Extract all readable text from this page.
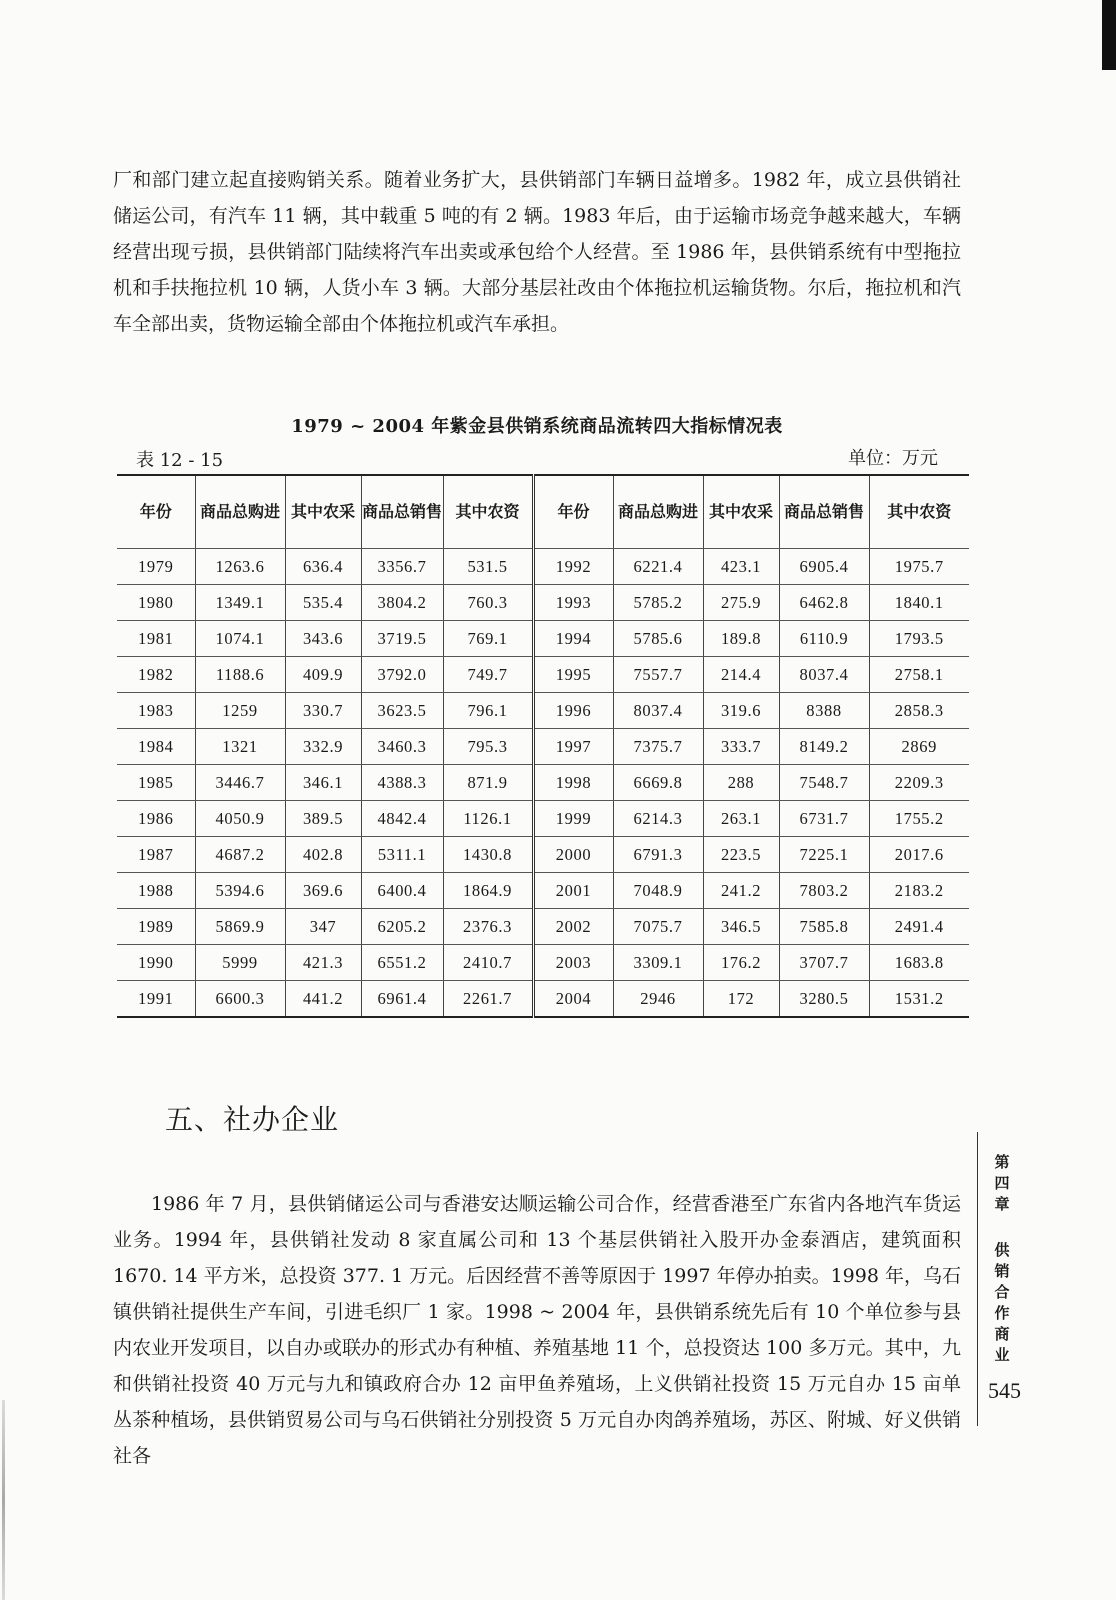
厂和部门建立起直接购销关系。随着业务扩大，县供销部门车辆日益增多。1982 年，成立县供销社储运公司，有汽车 11 辆，其中载重 5 吨的有 2 辆。1983 年后，由于运输市场竞争越来越大，车辆经营出现亏损，县供销部门陆续将汽车出卖或承包给个人经营。至 1986 年，县供销系统有中型拖拉机和手扶拖拉机 10 辆，人货小车 3 辆。大部分基层社改由个体拖拉机运输货物。尔后，拖拉机和汽车全部出卖，货物运输全部由个体拖拉机或汽车承担。

1979 ~ 2004 年紫金县供销系统商品流转四大指标情况表
表 12 - 15	单位：万元
年份	商品总购进	其中农采	商品总销售	其中农资	年份	商品总购进	其中农采	商品总销售	其中农资
1979	1263.6	636.4	3356.7	531.5	1992	6221.4	423.1	6905.4	1975.7
1980	1349.1	535.4	3804.2	760.3	1993	5785.2	275.9	6462.8	1840.1
1981	1074.1	343.6	3719.5	769.1	1994	5785.6	189.8	6110.9	1793.5
1982	1188.6	409.9	3792.0	749.7	1995	7557.7	214.4	8037.4	2758.1
1983	1259	330.7	3623.5	796.1	1996	8037.4	319.6	8388	2858.3
1984	1321	332.9	3460.3	795.3	1997	7375.7	333.7	8149.2	2869
1985	3446.7	346.1	4388.3	871.9	1998	6669.8	288	7548.7	2209.3
1986	4050.9	389.5	4842.4	1126.1	1999	6214.3	263.1	6731.7	1755.2
1987	4687.2	402.8	5311.1	1430.8	2000	6791.3	223.5	7225.1	2017.6
1988	5394.6	369.6	6400.4	1864.9	2001	7048.9	241.2	7803.2	2183.2
1989	5869.9	347	6205.2	2376.3	2002	7075.7	346.5	7585.8	2491.4
1990	5999	421.3	6551.2	2410.7	2003	3309.1	176.2	3707.7	1683.8
1991	6600.3	441.2	6961.4	2261.7	2004	2946	172	3280.5	1531.2
五、社办企业

1986 年 7 月，县供销储运公司与香港安达顺运输公司合作，经营香港至广东省内各地汽车货运业务。1994 年，县供销社发动 8 家直属公司和 13 个基层供销社入股开办金泰酒店，建筑面积 1670. 14 平方米，总投资 377. 1 万元。后因经营不善等原因于 1997 年停办拍卖。1998 年，乌石镇供销社提供生产车间，引进毛织厂 1 家。1998 ~ 2004 年，县供销系统先后有 10 个单位参与县内农业开发项目，以自办或联办的形式办有种植、养殖基地 11 个，总投资达 100 多万元。其中，九和供销社投资 40 万元与九和镇政府合办 12 亩甲鱼养殖场，上义供销社投资 15 万元自办 15 亩单丛茶种植场，县供销贸易公司与乌石供销社分别投资 5 万元自办肉鸽养殖场，苏区、附城、好义供销社各

第四章
供销合作商业
545
